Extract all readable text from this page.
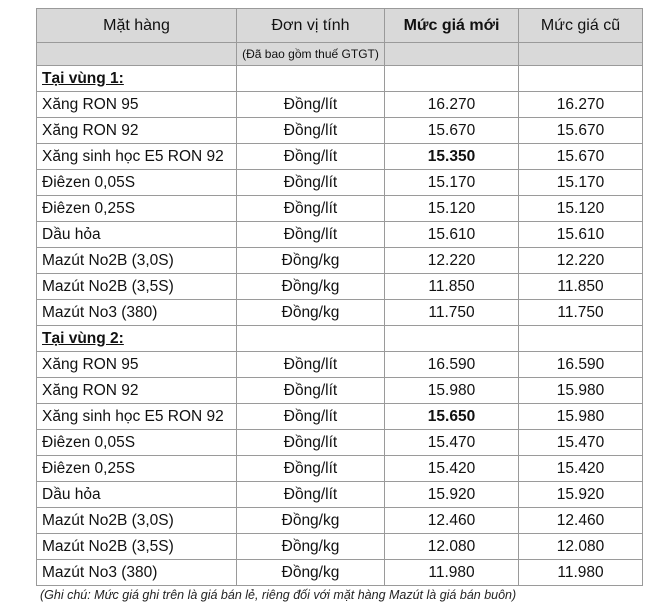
Mặt hàng	Đơn vị tính	Mức giá mới	Mức giá cũ
	(Đã bao gồm thuế GTGT)		
Tại vùng 1:			
Xăng RON 95	Đồng/lít	16.270	16.270
Xăng RON 92	Đồng/lít	15.670	15.670
Xăng sinh học E5 RON 92	Đồng/lít	15.350	15.670
Điêzen 0,05S	Đồng/lít	15.170	15.170
Điêzen 0,25S	Đồng/lít	15.120	15.120
Dầu hỏa	Đồng/lít	15.610	15.610
Mazút No2B (3,0S)	Đồng/kg	12.220	12.220
Mazút No2B (3,5S)	Đồng/kg	11.850	11.850
Mazút No3 (380)	Đồng/kg	11.750	11.750
Tại vùng 2:			
Xăng RON 95	Đồng/lít	16.590	16.590
Xăng RON 92	Đồng/lít	15.980	15.980
Xăng sinh học E5 RON 92	Đồng/lít	15.650	15.980
Điêzen 0,05S	Đồng/lít	15.470	15.470
Điêzen 0,25S	Đồng/lít	15.420	15.420
Dầu hỏa	Đồng/lít	15.920	15.920
Mazút No2B (3,0S)	Đồng/kg	12.460	12.460
Mazút No2B (3,5S)	Đồng/kg	12.080	12.080
Mazút No3 (380)	Đồng/kg	11.980	11.980
(Ghi chú: Mức giá ghi trên là giá bán lẻ, riêng đối với mặt hàng Mazút là giá bán buôn)
